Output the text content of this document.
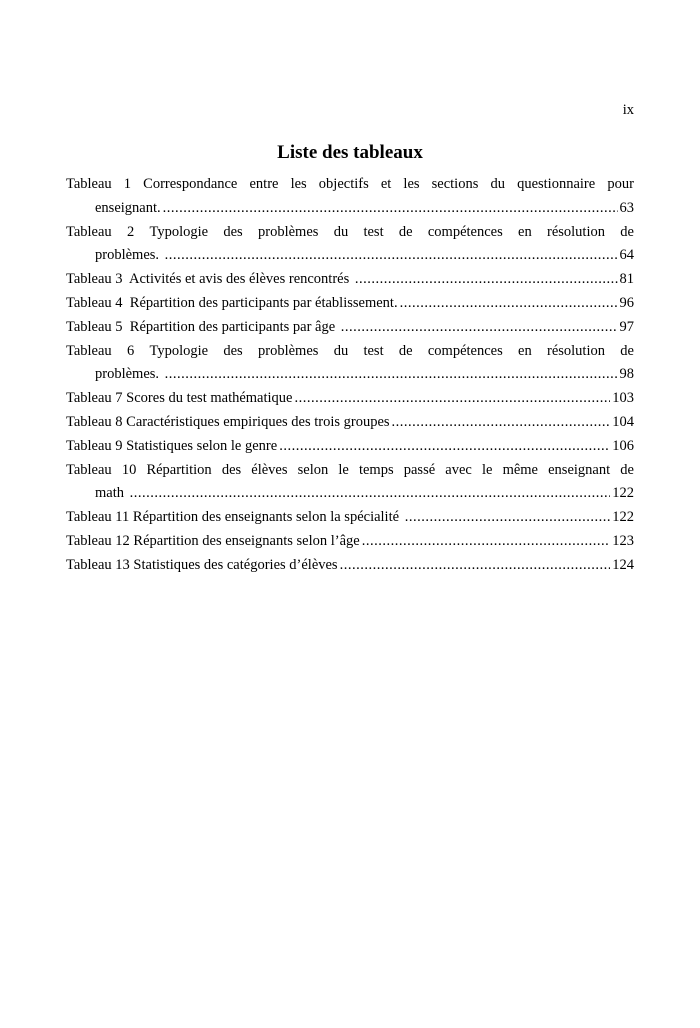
ix
Liste des tableaux
Tableau 1 Correspondance entre les objectifs et les sections du questionnaire pour
enseignant. .....	63
Tableau 2 Typologie des problèmes du test de compétences en résolution de
problèmes. .....	64
Tableau 3  Activités et avis des élèves rencontrés .....	81
Tableau 4  Répartition des participants par établissement. .....	96
Tableau 5  Répartition des participants par âge .....	97
Tableau 6 Typologie des problèmes du test de compétences en résolution de
problèmes. .....	98
Tableau 7 Scores du test mathématique .....	103
Tableau 8 Caractéristiques empiriques des trois groupes .....	104
Tableau 9 Statistiques selon le genre .....	106
Tableau 10 Répartition des élèves selon le temps passé avec le même enseignant de
math .....	122
Tableau 11 Répartition des enseignants selon la spécialité .....	122
Tableau 12 Répartition des enseignants selon l’âge .....	123
Tableau 13 Statistiques des catégories d’élèves .....	124
